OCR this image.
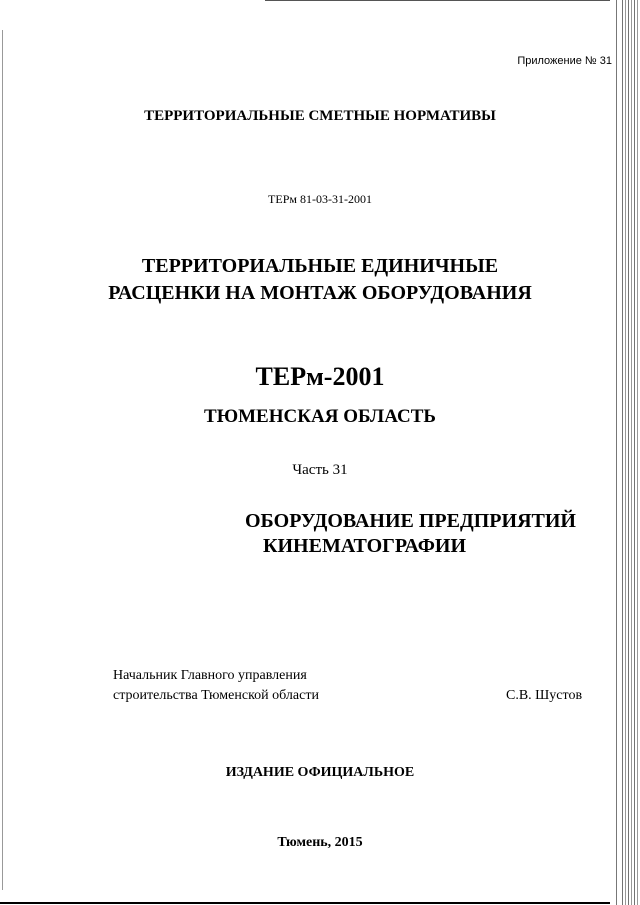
Приложение № 31
ТЕРРИТОРИАЛЬНЫЕ СМЕТНЫЕ НОРМАТИВЫ
ТЕРм 81-03-31-2001
ТЕРРИТОРИАЛЬНЫЕ ЕДИНИЧНЫЕ
РАСЦЕНКИ НА МОНТАЖ ОБОРУДОВАНИЯ
ТЕРм-2001
ТЮМЕНСКАЯ ОБЛАСТЬ
Часть 31
ОБОРУДОВАНИЕ ПРЕДПРИЯТИЙ
КИНЕМАТОГРАФИИ
Начальник Главного управления
строительства Тюменской области	С.В. Шустов
ИЗДАНИЕ ОФИЦИАЛЬНОЕ
Тюмень, 2015
